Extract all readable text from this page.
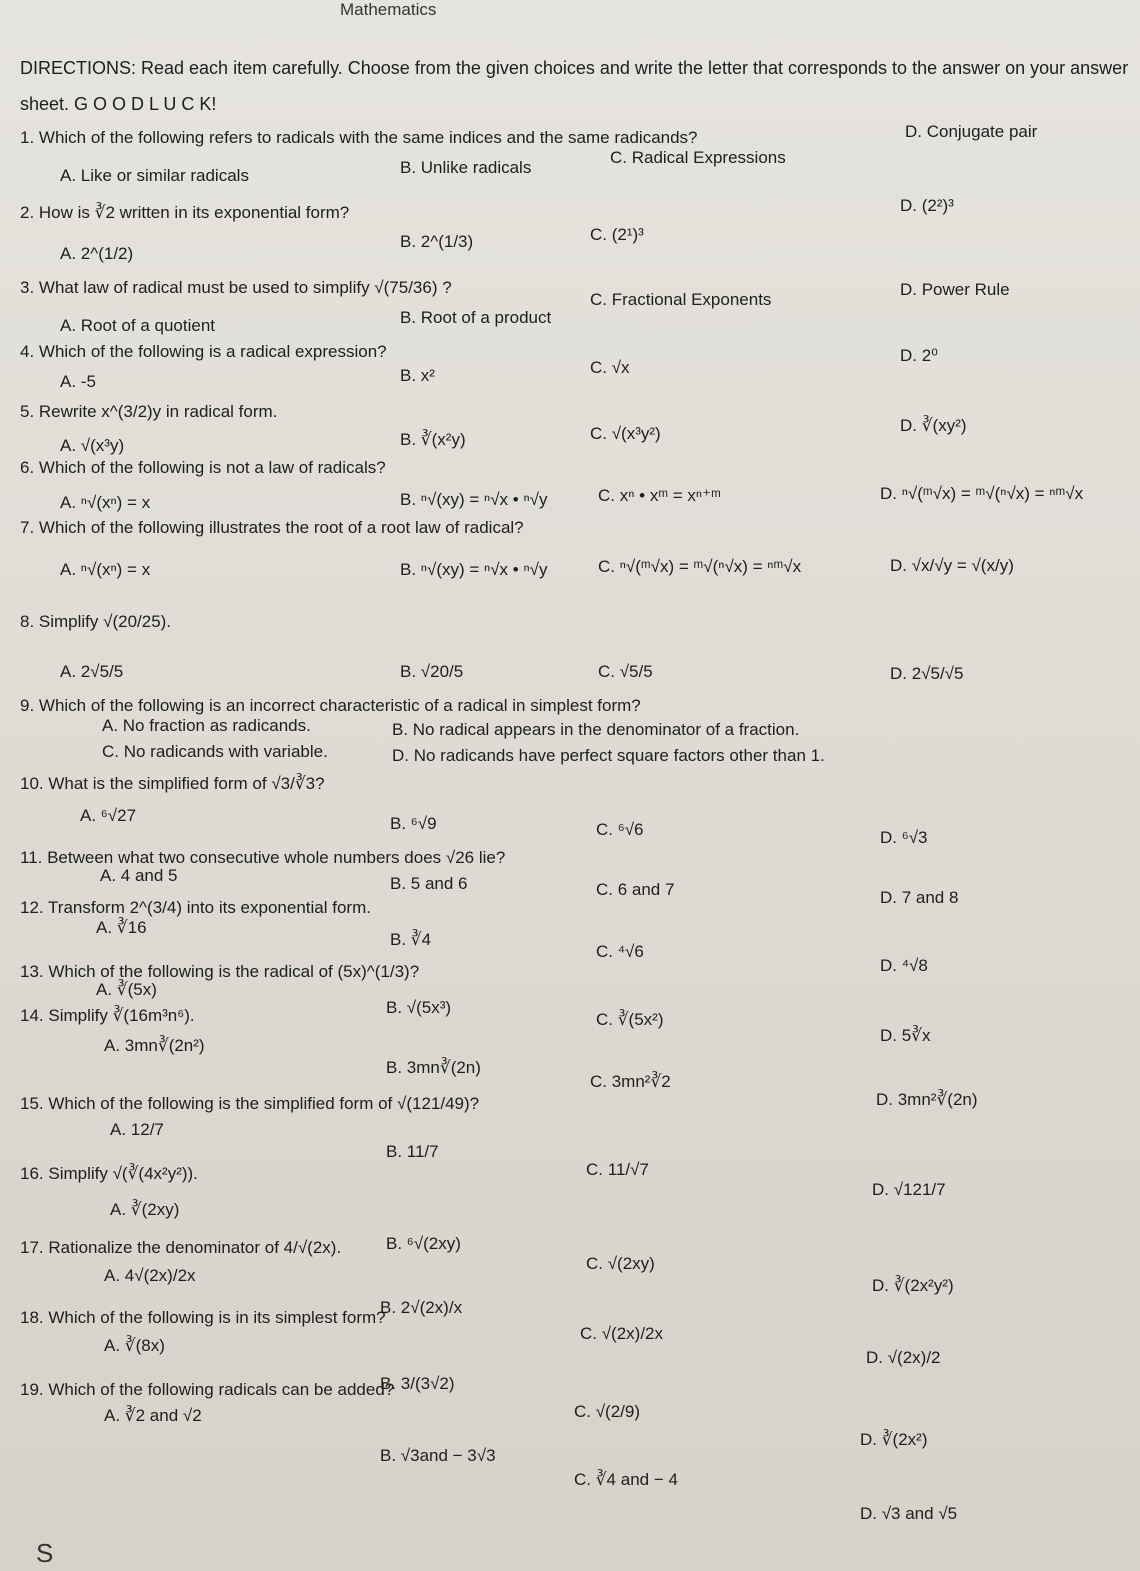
Mathematics
DIRECTIONS: Read each item carefully. Choose from the given choices and write the letter that corresponds to the answer on your answer sheet. G O O D L U C K!
1. Which of the following refers to radicals with the same indices and the same radicands?
A. Like or similar radicals	B. Unlike radicals
C. Radical Expressions
D. Conjugate pair
2. How is ∛2 written in its exponential form?
A. 2^(1/2)
B. 2^(1/3)	C. (2¹)³
D. (2²)³
3. What law of radical must be used to simplify √(75/36) ?
A. Root of a quotient	B. Root of a product
C. Fractional Exponents
D. Power Rule
4. Which of the following is a radical expression?
A. -5	B. x²	C. √x
D. 2⁰
5. Rewrite x^(3/2)y in radical form.
A. √(x³y)	B. ∛(x²y)	C. √(x³y²)	D. ∛(xy²)
6. Which of the following is not a law of radicals?
A. ⁿ√(xⁿ) = x	B. ⁿ√(xy) = ⁿ√x • ⁿ√y	C. xⁿ • xᵐ = xⁿ⁺ᵐ	D. ⁿ√(ᵐ√x) = ᵐ√(ⁿ√x) = ⁿᵐ√x
7. Which of the following illustrates the root of a root law of radical?
A. ⁿ√(xⁿ) = x	B. ⁿ√(xy) = ⁿ√x • ⁿ√y	C. ⁿ√(ᵐ√x) = ᵐ√(ⁿ√x) = ⁿᵐ√x	D. √x/√y = √(x/y)
8. Simplify √(20/25).
A. 2√5/5	B. √20/5	C. √5/5	D. 2√5/√5
9. Which of the following is an incorrect characteristic of a radical in simplest form?
A. No fraction as radicands.	B. No radical appears in the denominator of a fraction.
C. No radicands with variable.	D. No radicands have perfect square factors other than 1.
10. What is the simplified form of √3/∛3?
A. ⁶√27	B. ⁶√9	C. ⁶√6	D. ⁶√3
11. Between what two consecutive whole numbers does √26 lie?
A. 4 and 5	B. 5 and 6	C. 6 and 7	D. 7 and 8
12. Transform 2^(3/4) into its exponential form.
A. ∛16
B. ∛4
C. ⁴√6
D. ⁴√8
13. Which of the following is the radical of (5x)^(1/3)?
A. ∛(5x)
B. √(5x³)
C. ∛(5x²)
D. 5∛x
14. Simplify ∛(16m³n⁶).
A. 3mn∛(2n²)
B. 3mn∛(2n)
C. 3mn²∛2
D. 3mn²∛(2n)
15. Which of the following is the simplified form of √(121/49)?
A. 12/7
B. 11/7
C. 11/√7
D. √121/7
16. Simplify √(∛(4x²y²)).
A. ∛(2xy)
B. ⁶√(2xy)
C. √(2xy)
D. ∛(2x²y²)
17. Rationalize the denominator of 4/√(2x).
A. 4√(2x)/2x
B. 2√(2x)/x
C. √(2x)/2x
D. √(2x)/2
18. Which of the following is in its simplest form?
A. ∛(8x)
B. 3/(3√2)
C. √(2/9)
D. ∛(2x²)
19. Which of the following radicals can be added?
A. ∛2 and √2
B. √3and − 3√3
C. ∛4 and − 4
D. √3 and √5
S
